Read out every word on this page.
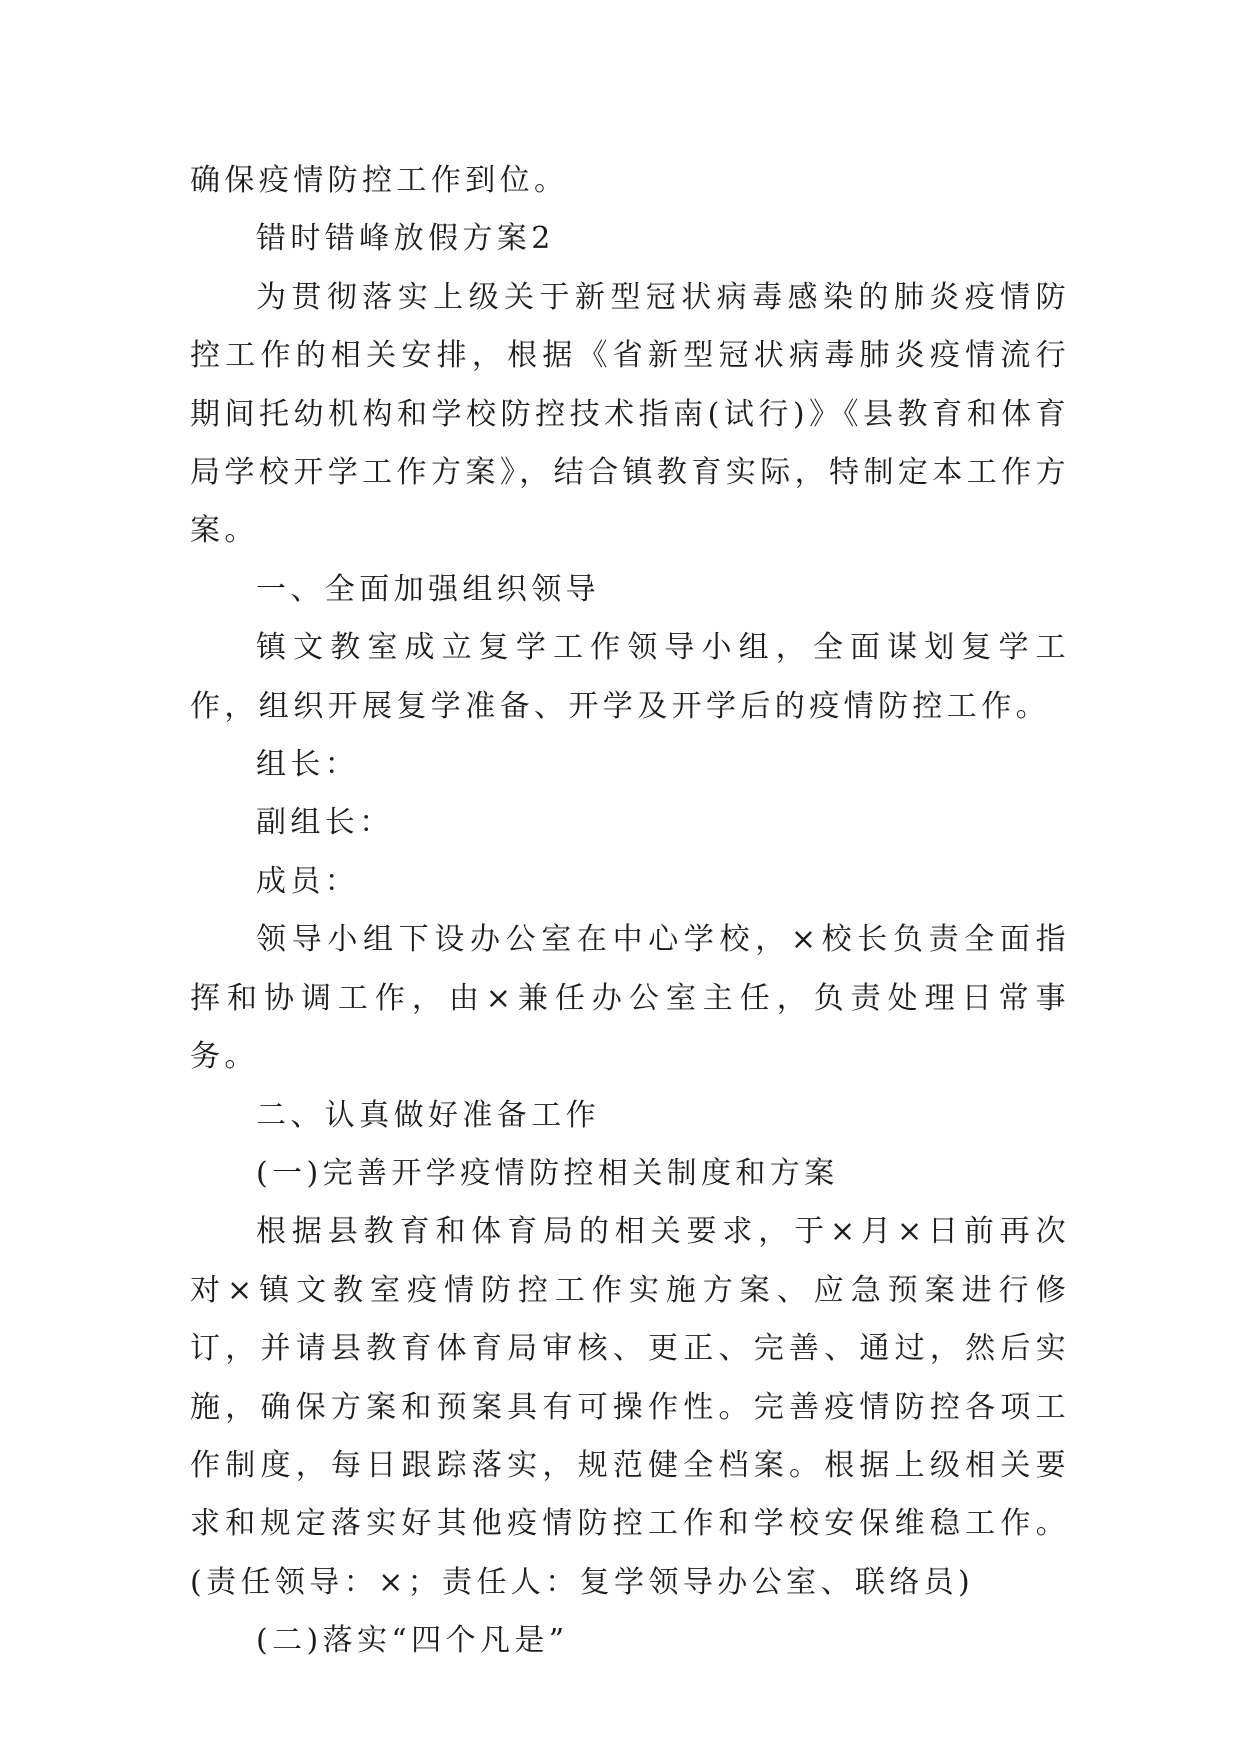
确保疫情防控工作到位。

错时错峰放假方案2

为贯彻落实上级关于新型冠状病毒感染的肺炎疫情防控工作的相关安排，根据《省新型冠状病毒肺炎疫情流行期间托幼机构和学校防控技术指南(试行)》《县教育和体育局学校开学工作方案》，结合镇教育实际，特制定本工作方案。

一、全面加强组织领导

镇文教室成立复学工作领导小组，全面谋划复学工作，组织开展复学准备、开学及开学后的疫情防控工作。

组长：

副组长：

成员：

领导小组下设办公室在中心学校，×校长负责全面指挥和协调工作，由×兼任办公室主任，负责处理日常事务。

二、认真做好准备工作

(一)完善开学疫情防控相关制度和方案

根据县教育和体育局的相关要求，于×月×日前再次对×镇文教室疫情防控工作实施方案、应急预案进行修订，并请县教育体育局审核、更正、完善、通过，然后实施，确保方案和预案具有可操作性。完善疫情防控各项工作制度，每日跟踪落实，规范健全档案。根据上级相关要求和规定落实好其他疫情防控工作和学校安保维稳工作。(责任领导：×；责任人：复学领导办公室、联络员)

(二)落实“四个凡是”
